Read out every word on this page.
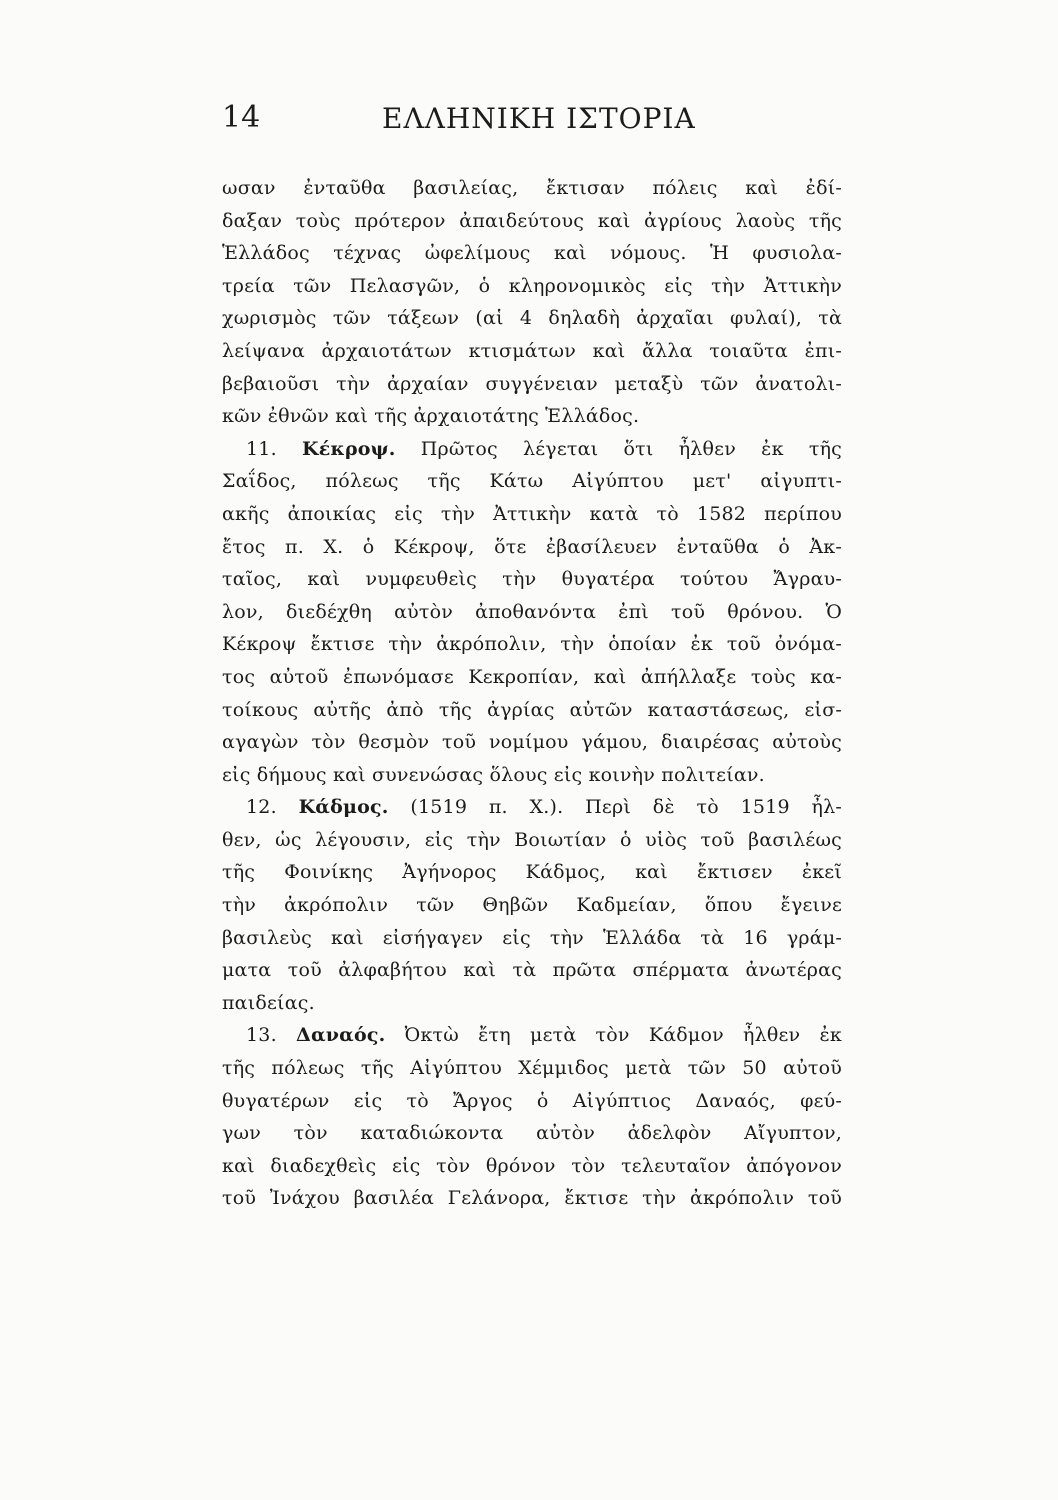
14	ΕΛΛΗΝΙΚΗ ΙΣΤΟΡΙΑ
ωσαν ἐνταῦθα βασιλείας, ἔκτισαν πόλεις καὶ ἐδί-
δαξαν τοὺς πρότερον ἀπαιδεύτους καὶ ἀγρίους λαοὺς τῆς
Ἑλλάδος τέχνας ὠφελίμους καὶ νόμους. Ἡ φυσιολα-
τρεία τῶν Πελασγῶν, ὁ κληρονομικὸς εἰς τὴν Ἀττικὴν
χωρισμὸς τῶν τάξεων (αἱ 4 δηλαδὴ ἀρχαῖαι φυλαί), τὰ
λείψανα ἀρχαιοτάτων κτισμάτων καὶ ἄλλα τοιαῦτα ἐπι-
βεβαιοῦσι τὴν ἀρχαίαν συγγένειαν μεταξὺ τῶν ἀνατολι-
κῶν ἐθνῶν καὶ τῆς ἀρχαιοτάτης Ἑλλάδος.
11. Κέκροψ. Πρῶτος λέγεται ὅτι ἦλθεν ἐκ τῆς
Σαΐδος, πόλεως τῆς Κάτω Αἰγύπτου μετ' αἰγυπτι-
ακῆς ἀποικίας εἰς τὴν Ἀττικὴν κατὰ τὸ 1582 περίπου
ἔτος π. Χ. ὁ Κέκροψ, ὅτε ἐβασίλευεν ἐνταῦθα ὁ Ἀκ-
ταῖος, καὶ νυμφευθεὶς τὴν θυγατέρα τούτου Ἄγραυ-
λον, διεδέχθη αὐτὸν ἀποθανόντα ἐπὶ τοῦ θρόνου. Ὁ
Κέκροψ ἔκτισε τὴν ἀκρόπολιν, τὴν ὁποίαν ἐκ τοῦ ὀνόμα-
τος αὐτοῦ ἐπωνόμασε Κεκροπίαν, καὶ ἀπήλλαξε τοὺς κα-
τοίκους αὐτῆς ἀπὸ τῆς ἀγρίας αὐτῶν καταστάσεως, εἰσ-
αγαγὼν τὸν θεσμὸν τοῦ νομίμου γάμου, διαιρέσας αὐτοὺς
εἰς δήμους καὶ συνενώσας ὅλους εἰς κοινὴν πολιτείαν.
12. Κάδμος. (1519 π. Χ.). Περὶ δὲ τὸ 1519 ἦλ-
θεν, ὡς λέγουσιν, εἰς τὴν Βοιωτίαν ὁ υἱὸς τοῦ βασιλέως
τῆς Φοινίκης Ἀγήνορος Κάδμος, καὶ ἔκτισεν ἐκεῖ
τὴν ἀκρόπολιν τῶν Θηβῶν Καδμείαν, ὅπου ἔγεινε
βασιλεὺς καὶ εἰσήγαγεν εἰς τὴν Ἑλλάδα τὰ 16 γράμ-
ματα τοῦ ἀλφαβήτου καὶ τὰ πρῶτα σπέρματα ἀνωτέρας
παιδείας.
13. Δαναός. Ὀκτὼ ἔτη μετὰ τὸν Κάδμον ἦλθεν ἐκ
τῆς πόλεως τῆς Αἰγύπτου Χέμμιδος μετὰ τῶν 50 αὐτοῦ
θυγατέρων εἰς τὸ Ἄργος ὁ Αἰγύπτιος Δαναός, φεύ-
γων τὸν καταδιώκοντα αὐτὸν ἀδελφὸν Αἴγυπτον,
καὶ διαδεχθεὶς εἰς τὸν θρόνον τὸν τελευταῖον ἀπόγονον
τοῦ Ἰνάχου βασιλέα Γελάνορα, ἔκτισε τὴν ἀκρόπολιν τοῦ
